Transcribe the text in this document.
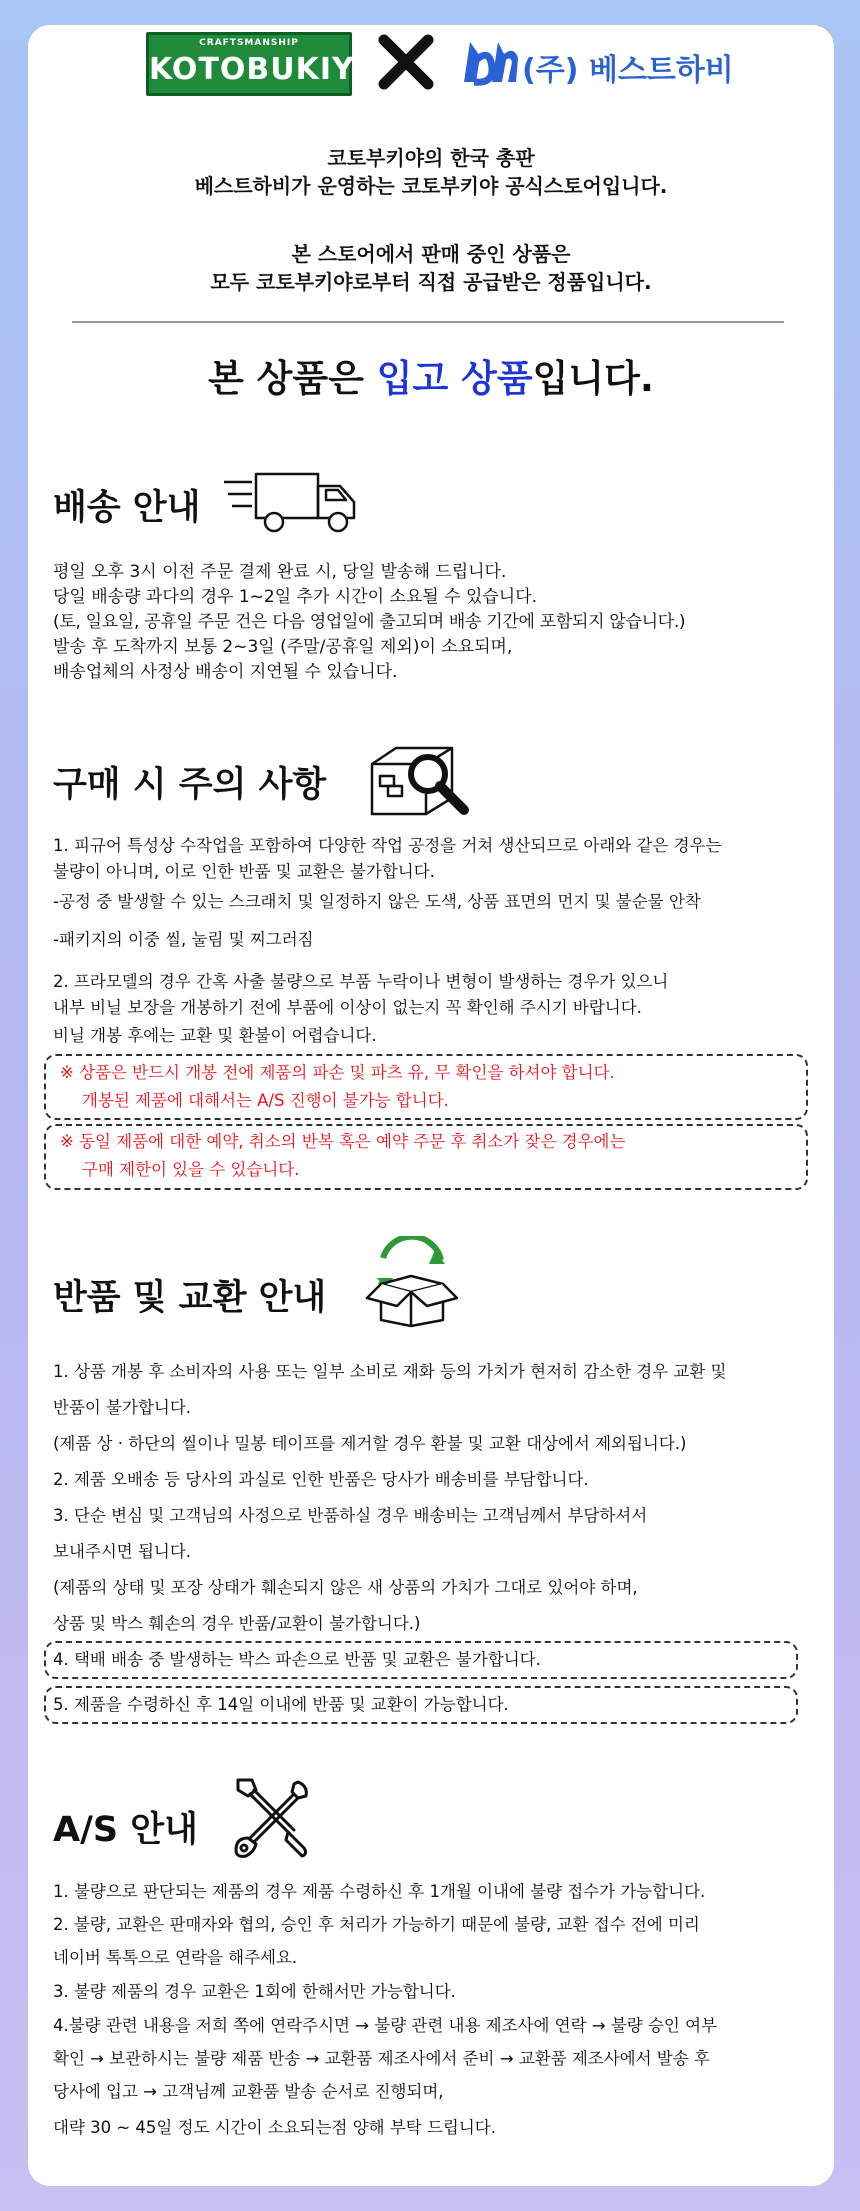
CRAFTSMANSHIP
KOTOBUKIYA	(주) 베스트하비
코토부키야의 한국 총판
베스트하비가 운영하는 코토부키야 공식스토어입니다.
본 스토어에서 판매 중인 상품은
모두 코토부키야로부터 직접 공급받은 정품입니다.
본 상품은 입고 상품입니다.
배송 안내
평일 오후 3시 이전 주문 결제 완료 시, 당일 발송해 드립니다.
당일 배송량 과다의 경우 1~2일 추가 시간이 소요될 수 있습니다.
(토, 일요일, 공휴일 주문 건은 다음 영업일에 출고되며 배송 기간에 포함되지 않습니다.)
발송 후 도착까지 보통 2~3일 (주말/공휴일 제외)이 소요되며,
배송업체의 사정상 배송이 지연될 수 있습니다.
구매 시 주의 사항
1. 피규어 특성상 수작업을 포함하여 다양한 작업 공정을 거쳐 생산되므로 아래와 같은 경우는
불량이 아니며, 이로 인한 반품 및 교환은 불가합니다.
-공정 중 발생할 수 있는 스크래치 및 일정하지 않은 도색, 상품 표면의 먼지 및 불순물 안착
-패키지의 이중 씰, 눌림 및 찌그러짐
2. 프라모델의 경우 간혹 사출 불량으로 부품 누락이나 변형이 발생하는 경우가 있으니
내부 비닐 보장을 개봉하기 전에 부품에 이상이 없는지 꼭 확인해 주시기 바랍니다.
비닐 개봉 후에는 교환 및 환불이 어렵습니다.
※ 상품은 반드시 개봉 전에 제품의 파손 및 파츠 유, 무 확인을 하셔야 합니다.
개봉된 제품에 대해서는 A/S 진행이 불가능 합니다.
※ 동일 제품에 대한 예약, 취소의 반복 혹은 예약 주문 후 취소가 잦은 경우에는
구매 제한이 있을 수 있습니다.
반품 및 교환 안내
1. 상품 개봉 후 소비자의 사용 또는 일부 소비로 재화 등의 가치가 현저히 감소한 경우 교환 및
반품이 불가합니다.
(제품 상 · 하단의 씰이나 밀봉 테이프를 제거할 경우 환불 및 교환 대상에서 제외됩니다.)
2. 제품 오배송 등 당사의 과실로 인한 반품은 당사가 배송비를 부담합니다.
3. 단순 변심 및 고객님의 사정으로 반품하실 경우 배송비는 고객님께서 부담하셔서
보내주시면 됩니다.
(제품의 상태 및 포장 상태가 훼손되지 않은 새 상품의 가치가 그대로 있어야 하며,
상품 및 박스 훼손의 경우 반품/교환이 불가합니다.)
4. 택배 배송 중 발생하는 박스 파손으로 반품 및 교환은 불가합니다.
5. 제품을 수령하신 후 14일 이내에 반품 및 교환이 가능합니다.
A/S 안내
1. 불량으로 판단되는 제품의 경우 제품 수령하신 후 1개월 이내에 불량 접수가 가능합니다.
2. 불량, 교환은 판매자와 협의, 승인 후 처리가 가능하기 때문에 불량, 교환 접수 전에 미리
네이버 톡톡으로 연락을 해주세요.
3. 불량 제품의 경우 교환은 1회에 한해서만 가능합니다.
4.불량 관련 내용을 저희 쪽에 연락주시면 → 불량 관련 내용 제조사에 연락 → 불량 승인 여부
확인 → 보관하시는 불량 제품 반송 → 교환품 제조사에서 준비 → 교환품 제조사에서 발송 후
당사에 입고 → 고객님께 교환품 발송 순서로 진행되며,
대략 30 ~ 45일 정도 시간이 소요되는점 양해 부탁 드립니다.
